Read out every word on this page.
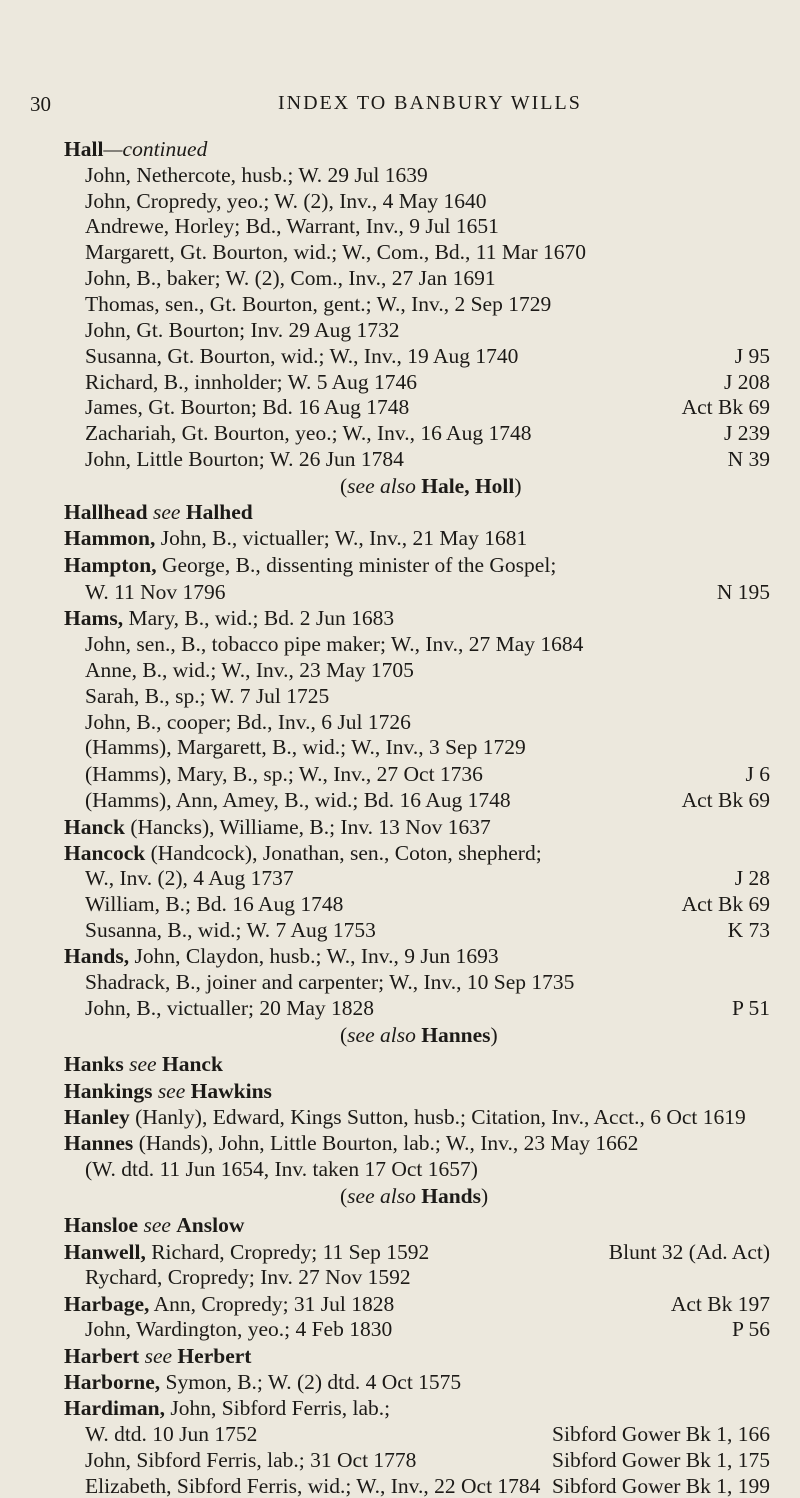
30	INDEX TO BANBURY WILLS
Hall—continued
John, Nethercote, husb.; W. 29 Jul 1639
John, Cropredy, yeo.; W. (2), Inv., 4 May 1640
Andrewe, Horley; Bd., Warrant, Inv., 9 Jul 1651
Margarett, Gt. Bourton, wid.; W., Com., Bd., 11 Mar 1670
John, B., baker; W. (2), Com., Inv., 27 Jan 1691
Thomas, sen., Gt. Bourton, gent.; W., Inv., 2 Sep 1729
John, Gt. Bourton; Inv. 29 Aug 1732
Susanna, Gt. Bourton, wid.; W., Inv., 19 Aug 1740	J 95
Richard, B., innholder; W. 5 Aug 1746	J 208
James, Gt. Bourton; Bd. 16 Aug 1748	Act Bk 69
Zachariah, Gt. Bourton, yeo.; W., Inv., 16 Aug 1748	J 239
John, Little Bourton; W. 26 Jun 1784	N 39
(see also Hale, Holl)
Hallhead see Halhed
Hammon, John, B., victualler; W., Inv., 21 May 1681
Hampton, George, B., dissenting minister of the Gospel;
W. 11 Nov 1796	N 195
Hams, Mary, B., wid.; Bd. 2 Jun 1683
John, sen., B., tobacco pipe maker; W., Inv., 27 May 1684
Anne, B., wid.; W., Inv., 23 May 1705
Sarah, B., sp.; W. 7 Jul 1725
John, B., cooper; Bd., Inv., 6 Jul 1726
(Hamms), Margarett, B., wid.; W., Inv., 3 Sep 1729
(Hamms), Mary, B., sp.; W., Inv., 27 Oct 1736	J 6
(Hamms), Ann, Amey, B., wid.; Bd. 16 Aug 1748	Act Bk 69
Hanck (Hancks), Williame, B.; Inv. 13 Nov 1637
Hancock (Handcock), Jonathan, sen., Coton, shepherd;
W., Inv. (2), 4 Aug 1737	J 28
William, B.; Bd. 16 Aug 1748	Act Bk 69
Susanna, B., wid.; W. 7 Aug 1753	K 73
Hands, John, Claydon, husb.; W., Inv., 9 Jun 1693
Shadrack, B., joiner and carpenter; W., Inv., 10 Sep 1735
John, B., victualler; 20 May 1828	P 51
(see also Hannes)
Hanks see Hanck
Hankings see Hawkins
Hanley (Hanly), Edward, Kings Sutton, husb.; Citation, Inv., Acct., 6 Oct 1619
Hannes (Hands), John, Little Bourton, lab.; W., Inv., 23 May 1662
(W. dtd. 11 Jun 1654, Inv. taken 17 Oct 1657)
(see also Hands)
Hansloe see Anslow
Hanwell, Richard, Cropredy; 11 Sep 1592	Blunt 32 (Ad. Act)
Rychard, Cropredy; Inv. 27 Nov 1592
Harbage, Ann, Cropredy; 31 Jul 1828	Act Bk 197
John, Wardington, yeo.; 4 Feb 1830	P 56
Harbert see Herbert
Harborne, Symon, B.; W. (2) dtd. 4 Oct 1575
Hardiman, John, Sibford Ferris, lab.;
W. dtd. 10 Jun 1752	Sibford Gower Bk 1, 166
John, Sibford Ferris, lab.; 31 Oct 1778	Sibford Gower Bk 1, 175
Elizabeth, Sibford Ferris, wid.; W., Inv., 22 Oct 1784 Sibford Gower Bk 1, 199
